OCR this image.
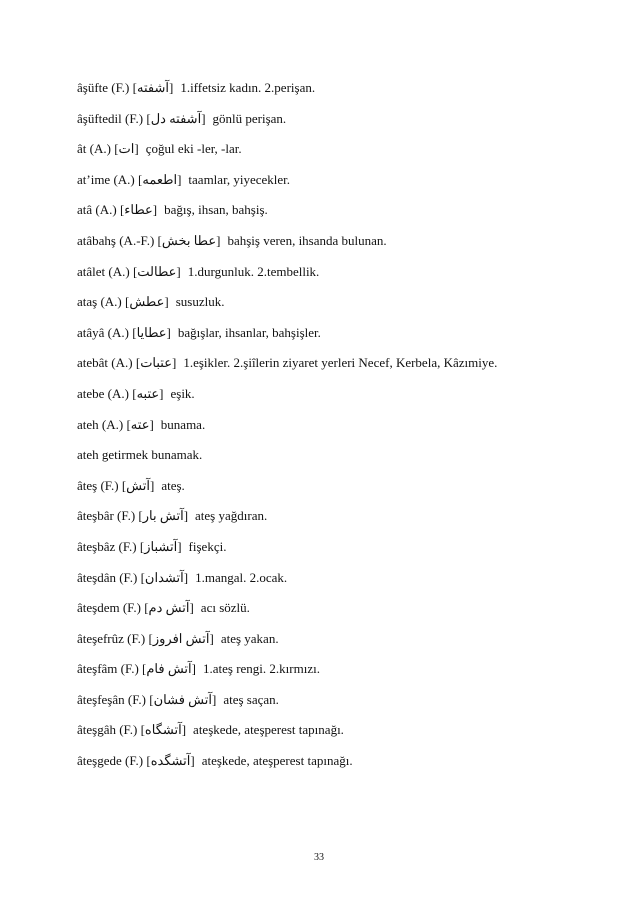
âşüfte (F.) [آشفته] 1.iffetsiz kadın. 2.perişan.
âşüftedil (F.) [آشفته دل] gönlü perişan.
ât (A.) [ات] çoğul eki -ler, -lar.
at’ime (A.) [اطعمه] taamlar, yiyecekler.
atâ (A.) [عطاء] bağış, ihsan, bahşiş.
atâbahş (A.-F.) [عطا بخش] bahşiş veren, ihsanda bulunan.
atâlet (A.) [عطالت] 1.durgunluk. 2.tembellik.
ataş (A.) [عطش] susuzluk.
atâyâ (A.) [عطايا] bağışlar, ihsanlar, bahşişler.
atebât (A.) [عتبات] 1.eşikler. 2.şiîlerin ziyaret yerleri Necef, Kerbela, Kâzımiye.
atebe (A.) [عتبه] eşik.
ateh (A.) [عته] bunama.
ateh getirmek bunamak.
âteş (F.) [آتش] ateş.
âteşbâr (F.) [آتش بار] ateş yağdıran.
âteşbâz (F.) [آتشباز] fişekçi.
âteşdân (F.) [آتشدان] 1.mangal. 2.ocak.
âteşdem (F.) [آتش دم] acı sözlü.
âteşefrûz (F.) [آتش افروز] ateş yakan.
âteşfâm (F.) [آتش فام] 1.ateş rengi. 2.kırmızı.
âteşfeşân (F.) [آتش فشان] ateş saçan.
âteşgâh (F.) [آتشگاه] ateşkede, ateşperest tapınağı.
âteşgede (F.) [آتشگده] ateşkede, ateşperest tapınağı.
33
